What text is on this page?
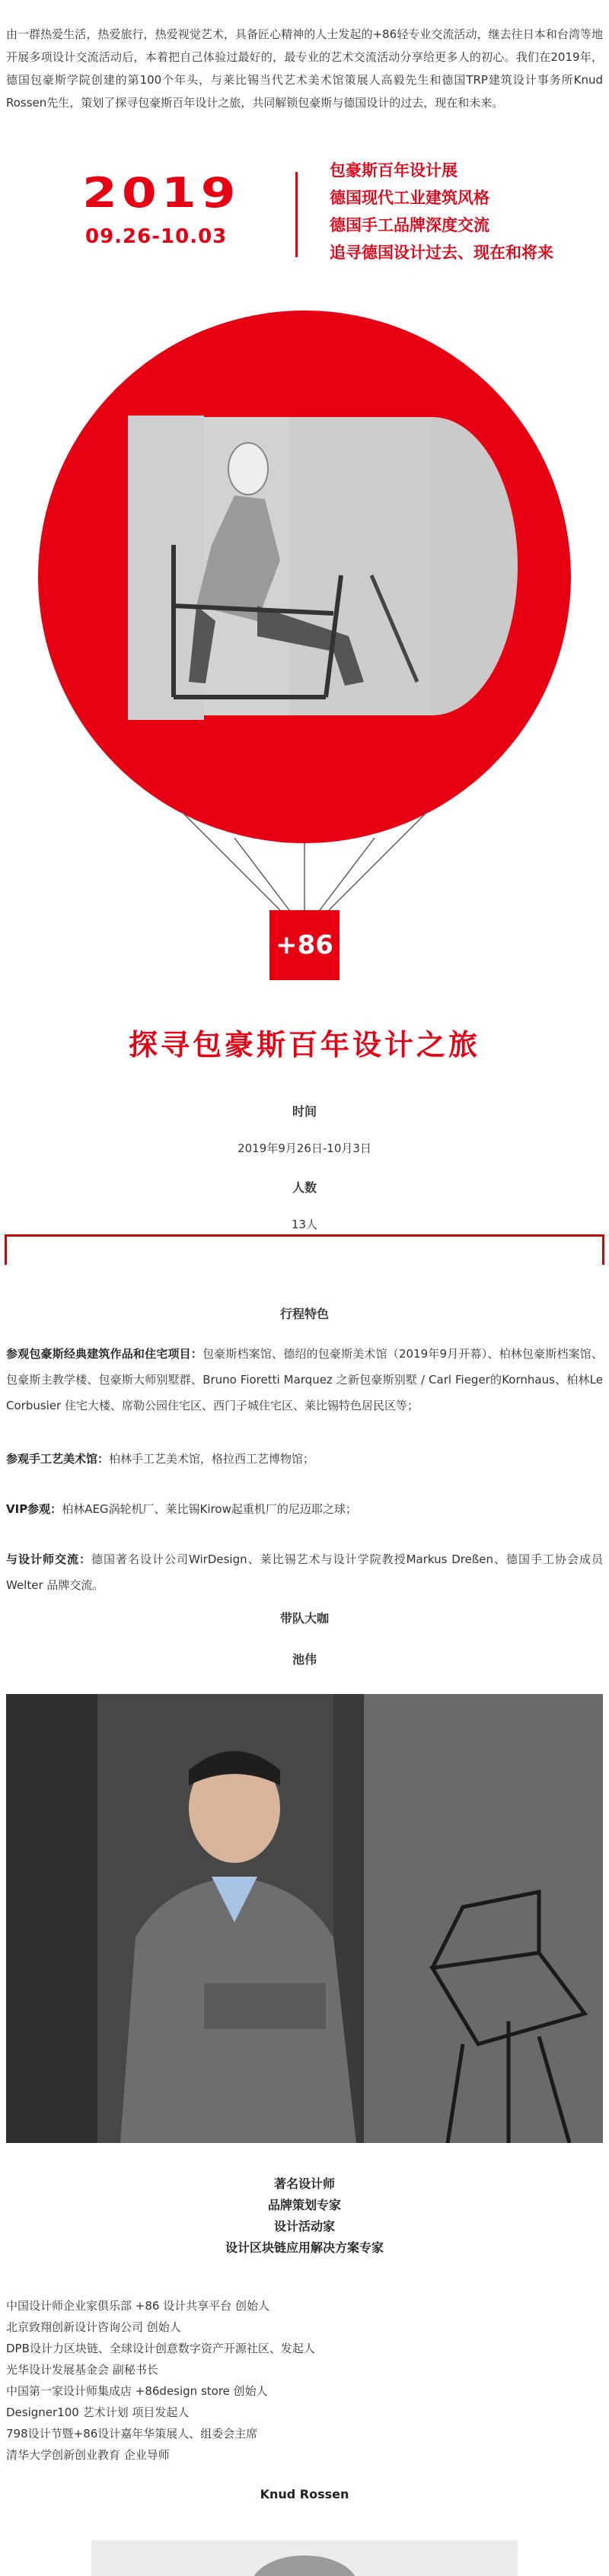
由一群热爱生活，热爱旅行，热爱视觉艺术，具备匠心精神的人士发起的+86轻专业交流活动，继去往日本和台湾等地开展多项设计交流活动后，本着把自己体验过最好的，最专业的艺术交流活动分享给更多人的初心。我们在2019年，德国包豪斯学院创建的第100个年头，与莱比锡当代艺术美术馆策展人高毅先生和德国TRP建筑设计事务所Knud Rossen先生，策划了探寻包豪斯百年设计之旅，共同解锁包豪斯与德国设计的过去，现在和未来。
2019
09.26-10.03
包豪斯百年设计展
德国现代工业建筑风格
德国手工品牌深度交流
追寻德国设计过去、现在和将来
+86
探寻包豪斯百年设计之旅
时间
2019年9月26日-10月3日
人数
13人
行程特色
参观包豪斯经典建筑作品和住宅项目：包豪斯档案馆、德绍的包豪斯美术馆（2019年9月开幕）、柏林包豪斯档案馆、包豪斯主教学楼、包豪斯大师别墅群、Bruno Fioretti Marquez 之新包豪斯别墅 / Carl Fieger的Kornhaus、柏林Le Corbusier 住宅大楼、席勒公园住宅区、西门子城住宅区、莱比锡特色居民区等；
参观手工艺美术馆：柏林手工艺美术馆，格拉西工艺博物馆；
VIP参观：柏林AEG涡轮机厂、莱比锡Kirow起重机厂的尼迈耶之球；
与设计师交流：德国著名设计公司WirDesign、莱比锡艺术与设计学院教授Markus Dreßen、德国手工协会成员Welter 品牌交流。
带队大咖
池伟
著名设计师
品牌策划专家
设计活动家
设计区块链应用解决方案专家
中国设计师企业家俱乐部 +86 设计共享平台 创始人
北京致翔创新设计咨询公司 创始人
DPB设计力区块链、全球设计创意数字资产开源社区、发起人
光华设计发展基金会 副秘书长
中国第一家设计师集成店 +86design store 创始人
Designer100 艺术计划 项目发起人
798设计节暨+86设计嘉年华策展人、组委会主席
清华大学创新创业教育 企业导师
Knud Rossen
